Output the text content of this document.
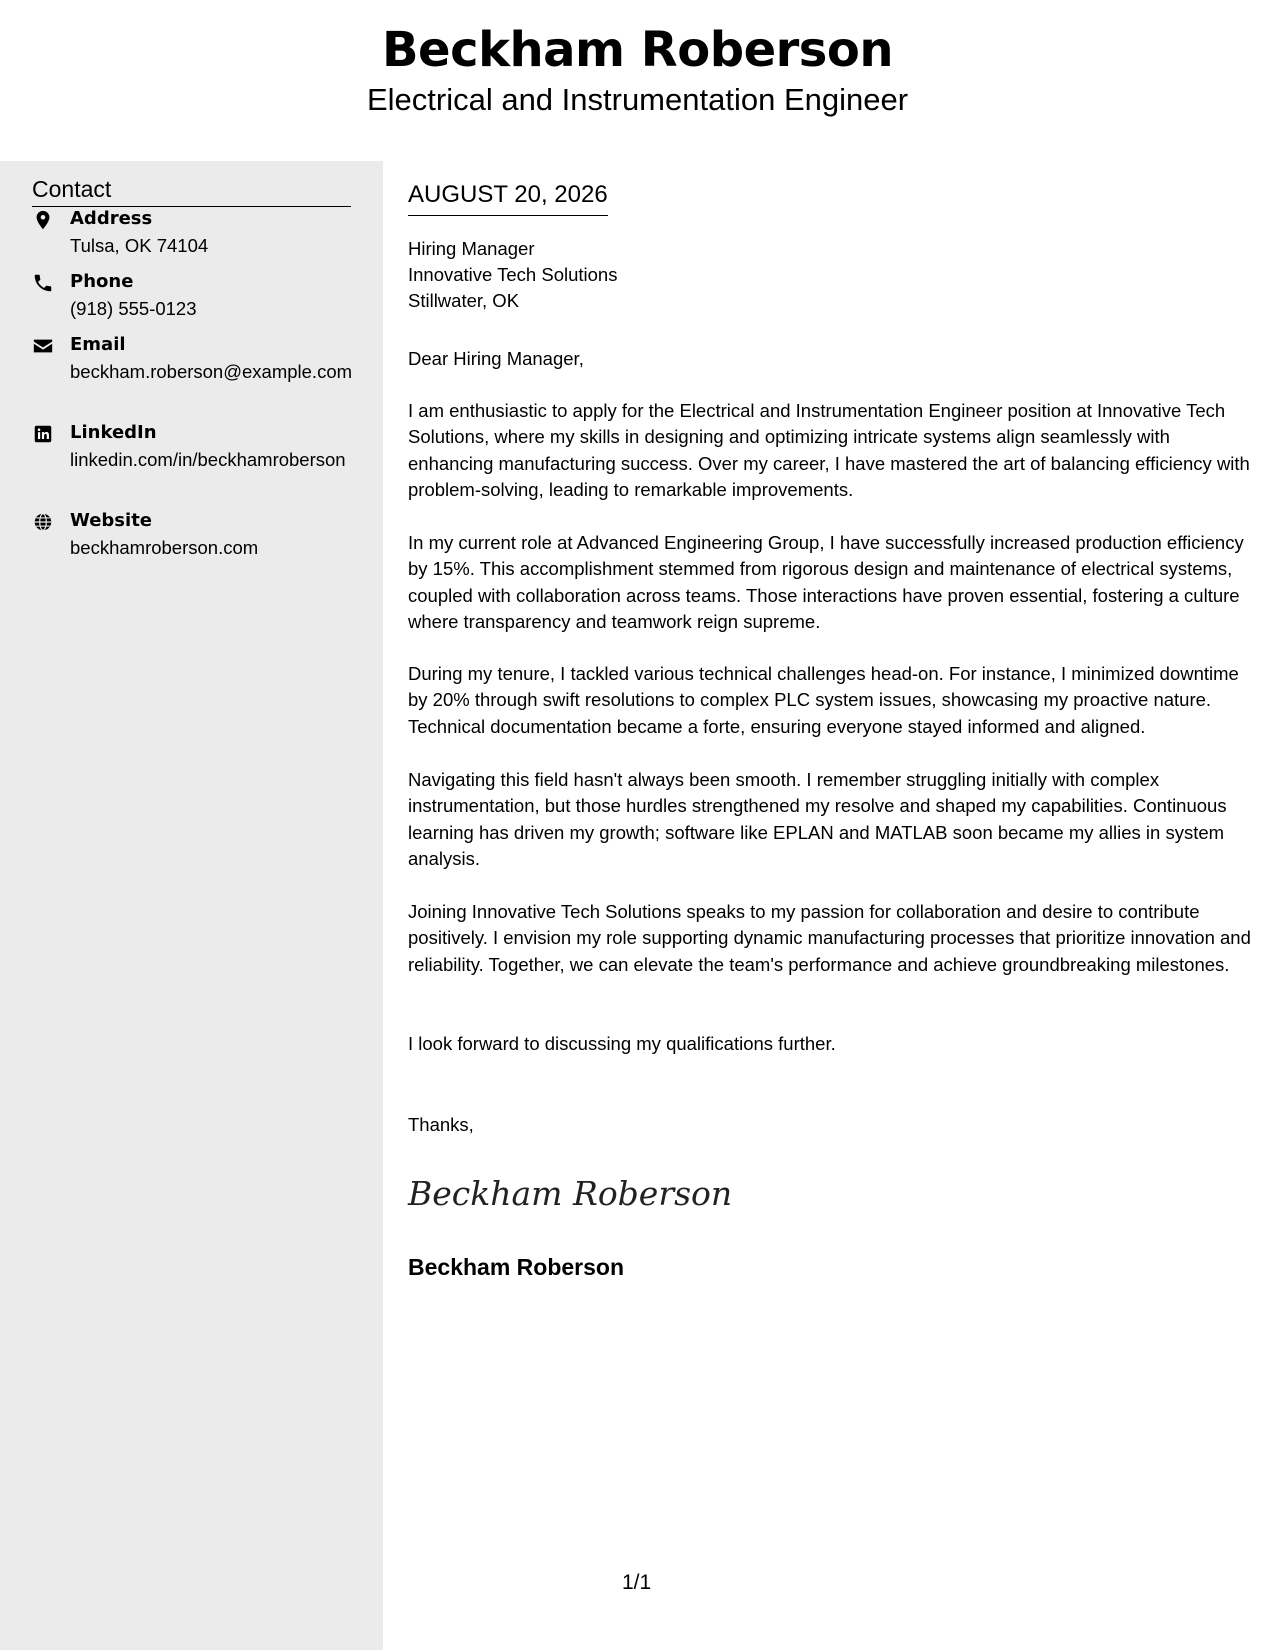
Beckham Roberson
Electrical and Instrumentation Engineer
Contact
Address
Tulsa, OK 74104
Phone
(918) 555-0123
Email
beckham.roberson@example.com
LinkedIn
linkedin.com/in/beckhamroberson
Website
beckhamroberson.com
AUGUST 20, 2026
Hiring Manager
Innovative Tech Solutions
Stillwater, OK
Dear Hiring Manager,

I am enthusiastic to apply for the Electrical and Instrumentation Engineer position at Innovative Tech Solutions, where my skills in designing and optimizing intricate systems align seamlessly with enhancing manufacturing success. Over my career, I have mastered the art of balancing efficiency with problem-solving, leading to remarkable improvements.

In my current role at Advanced Engineering Group, I have successfully increased production efficiency by 15%. This accomplishment stemmed from rigorous design and maintenance of electrical systems, coupled with collaboration across teams. Those interactions have proven essential, fostering a culture where transparency and teamwork reign supreme.

During my tenure, I tackled various technical challenges head-on. For instance, I minimized downtime by 20% through swift resolutions to complex PLC system issues, showcasing my proactive nature. Technical documentation became a forte, ensuring everyone stayed informed and aligned.

Navigating this field hasn't always been smooth. I remember struggling initially with complex instrumentation, but those hurdles strengthened my resolve and shaped my capabilities. Continuous learning has driven my growth; software like EPLAN and MATLAB soon became my allies in system analysis.

Joining Innovative Tech Solutions speaks to my passion for collaboration and desire to contribute positively. I envision my role supporting dynamic manufacturing processes that prioritize innovation and reliability. Together, we can elevate the team's performance and achieve groundbreaking milestones.

I look forward to discussing my qualifications further.

Thanks,
Beckham Roberson
Beckham Roberson
1/1
